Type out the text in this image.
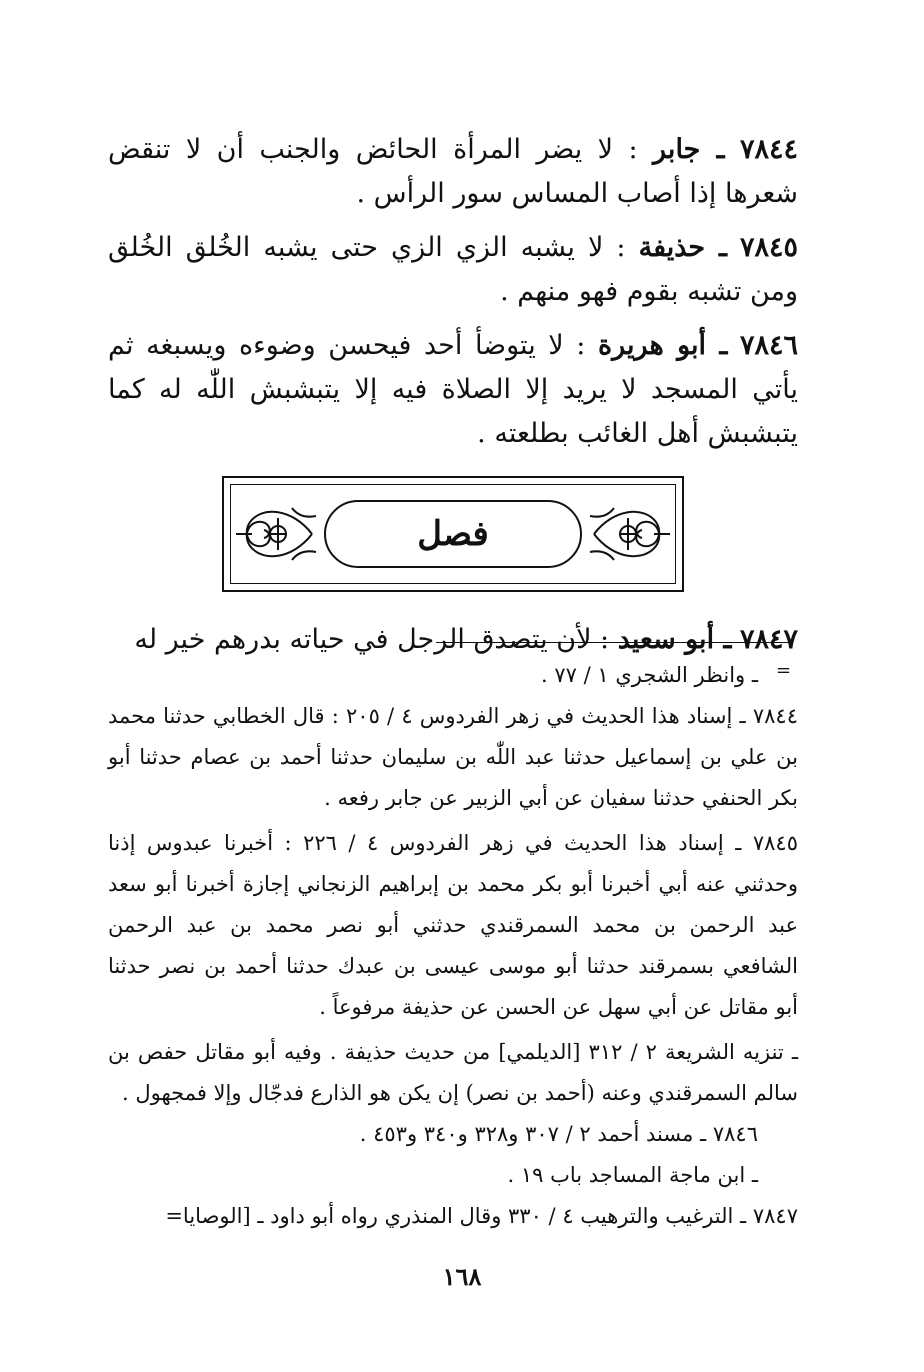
٧٨٤٤ ـ جابر : لا يضر المرأة الحائض والجنب أن لا تنقض شعرها إذا أصاب المساس سور الرأس .

٧٨٤٥ ـ حذيفة : لا يشبه الزي الزي حتى يشبه الخُلق الخُلق ومن تشبه بقوم فهو منهم .

٧٨٤٦ ـ أبو هريرة : لا يتوضأ أحد فيحسن وضوءه ويسبغه ثم يأتي المسجد لا يريد إلا الصلاة فيه إلا يتبشبش اللّٰه له كما يتبشبش أهل الغائب بطلعته .

فصل

٧٨٤٧ ـ أبو سعيد : لأن يتصدق الرجل في حياته بدرهم خير له

=

ـ وانظر الشجري ١ / ٧٧ .

٧٨٤٤ ـ إسناد هذا الحديث في زهر الفردوس ٤ / ٢٠٥ : قال الخطابي حدثنا محمد بن علي بن إسماعيل حدثنا عبد اللّٰه بن سليمان حدثنا أحمد بن عصام حدثنا أبو بكر الحنفي حدثنا سفيان عن أبي الزبير عن جابر رفعه .

٧٨٤٥ ـ إسناد هذا الحديث في زهر الفردوس ٤ / ٢٢٦ : أخبرنا عبدوس إذنا وحدثني عنه أبي أخبرنا أبو بكر محمد بن إبراهيم الزنجاني إجازة أخبرنا أبو سعد عبد الرحمن بن محمد السمرقندي حدثني أبو نصر محمد بن عبد الرحمن الشافعي بسمرقند حدثنا أبو موسى عيسى بن عبدك حدثنا أحمد بن نصر حدثنا أبو مقاتل عن أبي سهل عن الحسن عن حذيفة مرفوعاً .

ـ تنزيه الشريعة ٢ / ٣١٢ [الديلمي] من حديث حذيفة . وفيه أبو مقاتل حفص بن سالم السمرقندي وعنه (أحمد بن نصر) إن يكن هو الذارع فدجّال وإلا فمجهول .

٧٨٤٦ ـ مسند أحمد ٢ / ٣٠٧ و٣٢٨ و٣٤٠ و٤٥٣ .

ـ ابن ماجة المساجد باب ١٩ .

٧٨٤٧ ـ الترغيب والترهيب ٤ / ٣٣٠ وقال المنذري رواه أبو داود ـ [الوصايا=

١٦٨
